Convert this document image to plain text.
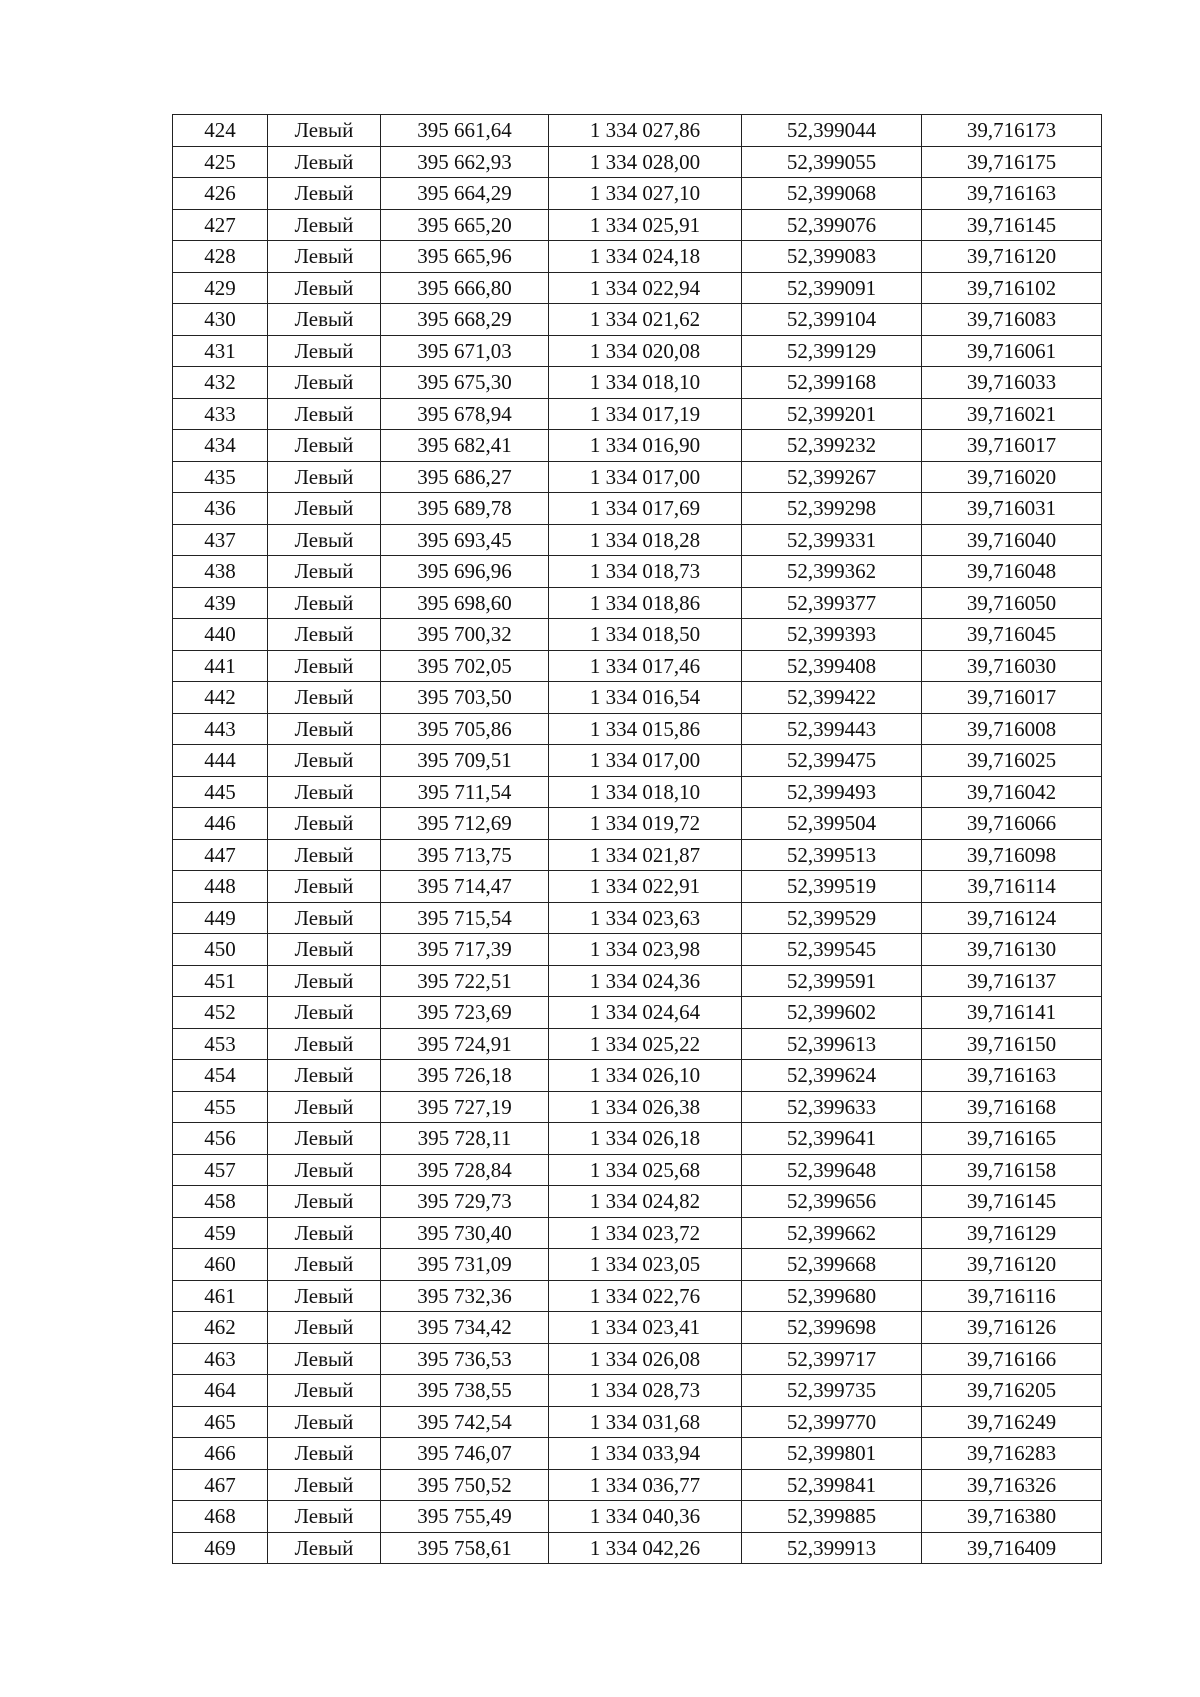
424	Левый	395 661,64	1 334 027,86	52,399044	39,716173
425	Левый	395 662,93	1 334 028,00	52,399055	39,716175
426	Левый	395 664,29	1 334 027,10	52,399068	39,716163
427	Левый	395 665,20	1 334 025,91	52,399076	39,716145
428	Левый	395 665,96	1 334 024,18	52,399083	39,716120
429	Левый	395 666,80	1 334 022,94	52,399091	39,716102
430	Левый	395 668,29	1 334 021,62	52,399104	39,716083
431	Левый	395 671,03	1 334 020,08	52,399129	39,716061
432	Левый	395 675,30	1 334 018,10	52,399168	39,716033
433	Левый	395 678,94	1 334 017,19	52,399201	39,716021
434	Левый	395 682,41	1 334 016,90	52,399232	39,716017
435	Левый	395 686,27	1 334 017,00	52,399267	39,716020
436	Левый	395 689,78	1 334 017,69	52,399298	39,716031
437	Левый	395 693,45	1 334 018,28	52,399331	39,716040
438	Левый	395 696,96	1 334 018,73	52,399362	39,716048
439	Левый	395 698,60	1 334 018,86	52,399377	39,716050
440	Левый	395 700,32	1 334 018,50	52,399393	39,716045
441	Левый	395 702,05	1 334 017,46	52,399408	39,716030
442	Левый	395 703,50	1 334 016,54	52,399422	39,716017
443	Левый	395 705,86	1 334 015,86	52,399443	39,716008
444	Левый	395 709,51	1 334 017,00	52,399475	39,716025
445	Левый	395 711,54	1 334 018,10	52,399493	39,716042
446	Левый	395 712,69	1 334 019,72	52,399504	39,716066
447	Левый	395 713,75	1 334 021,87	52,399513	39,716098
448	Левый	395 714,47	1 334 022,91	52,399519	39,716114
449	Левый	395 715,54	1 334 023,63	52,399529	39,716124
450	Левый	395 717,39	1 334 023,98	52,399545	39,716130
451	Левый	395 722,51	1 334 024,36	52,399591	39,716137
452	Левый	395 723,69	1 334 024,64	52,399602	39,716141
453	Левый	395 724,91	1 334 025,22	52,399613	39,716150
454	Левый	395 726,18	1 334 026,10	52,399624	39,716163
455	Левый	395 727,19	1 334 026,38	52,399633	39,716168
456	Левый	395 728,11	1 334 026,18	52,399641	39,716165
457	Левый	395 728,84	1 334 025,68	52,399648	39,716158
458	Левый	395 729,73	1 334 024,82	52,399656	39,716145
459	Левый	395 730,40	1 334 023,72	52,399662	39,716129
460	Левый	395 731,09	1 334 023,05	52,399668	39,716120
461	Левый	395 732,36	1 334 022,76	52,399680	39,716116
462	Левый	395 734,42	1 334 023,41	52,399698	39,716126
463	Левый	395 736,53	1 334 026,08	52,399717	39,716166
464	Левый	395 738,55	1 334 028,73	52,399735	39,716205
465	Левый	395 742,54	1 334 031,68	52,399770	39,716249
466	Левый	395 746,07	1 334 033,94	52,399801	39,716283
467	Левый	395 750,52	1 334 036,77	52,399841	39,716326
468	Левый	395 755,49	1 334 040,36	52,399885	39,716380
469	Левый	395 758,61	1 334 042,26	52,399913	39,716409
